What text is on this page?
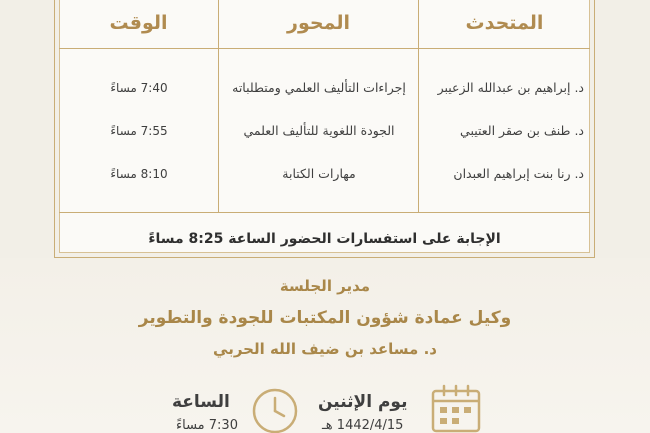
المتحدث
المحور
الوقت
د. إبراهيم بن عبدالله الزعيبر
إجراءات التأليف العلمي ومتطلباته
7:40 مساءً
د. طنف بن صقر العتيبي
الجودة اللغوية للتأليف العلمي
7:55 مساءً
د. رنا بنت إبراهيم العبدان
مهارات الكتابة
8:10 مساءً
الإجابة على استفسارات الحضور الساعة 8:25 مساءً
مدير الجلسة
وكيل عمادة شؤون المكتبات للجودة والتطوير
د. مساعد بن ضيف الله الحربي
يوم الإثنين
1442/4/15 هـ
الساعة
7:30 مساءً
